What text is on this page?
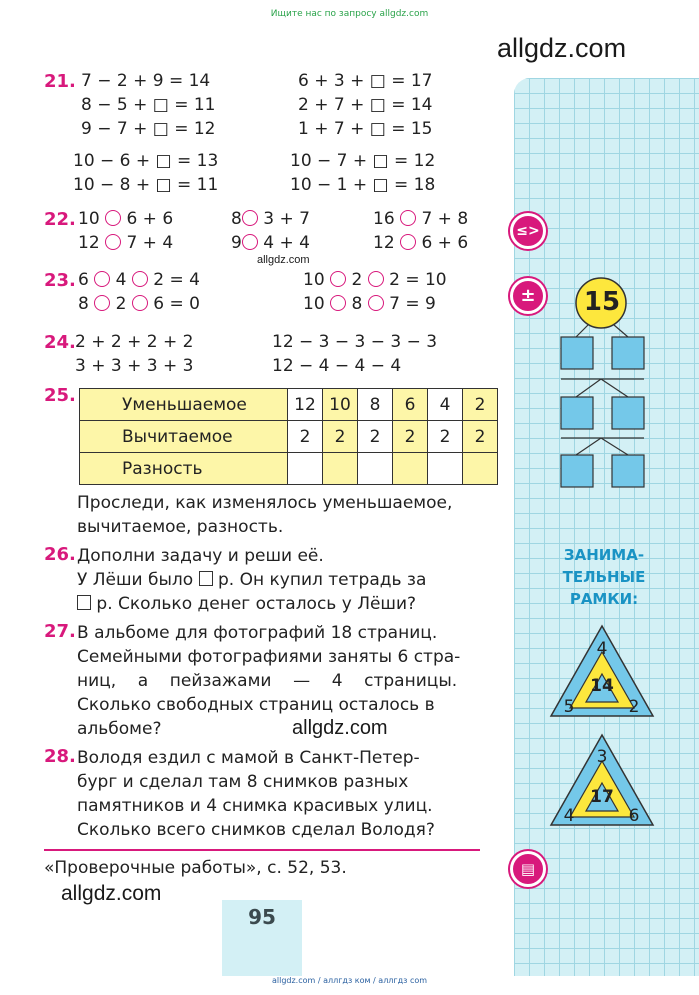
Ищите нас по запросу allgdz.com
allgdz.com
21. 7 − 2 + 9 = 14
8 − 5 + □ = 11
9 − 7 + □ = 12
10 − 6 + □ = 13
10 − 8 + □ = 11
6 + 3 + □ = 17
2 + 7 + □ = 14
1 + 7 + □ = 15
10 − 7 + □ = 12
10 − 1 + □ = 18
22. 10 6 + 6
12 7 + 4
8 3 + 7
9 4 + 4
16 7 + 8
12 6 + 6
allgdz.com
23. 6 4 2 = 4
8 2 6 = 0
10 2 2 = 10
10 8 7 = 9
24. 2 + 2 + 2 + 2
3 + 3 + 3 + 3
12 − 3 − 3 − 3 − 3
12 − 4 − 4 − 4
25.	Уменьшаемое	12	10	8	6	4	2
Вычитаемое	2	2	2	2	2	2
Разность						
Проследи, как изменялось уменьшаемое,
вычитаемое, разность.
26. Дополни задачу и реши её.
У Лёши было  р. Он купил тетрадь за
р. Сколько денег осталось у Лёши?
27. В альбоме для фотографий 18 страниц.
Семейными фотографиями заняты 6 стра-
ниц,    а    пейзажами    —    4    страницы.
Сколько свободных страниц осталось в
альбоме?	allgdz.com
28. Володя ездил с мамой в Санкт-Петер-
бург и сделал там 8 снимков разных
памятников и 4 снимка красивых улиц.
Сколько всего снимков сделал Володя?
«Проверочные работы», с. 52, 53.
allgdz.com
95
allgdz.com / аллгдз ком / аллгдз com
≤>
±
▤
15
ЗАНИМА-
ТЕЛЬНЫЕ
РАМКИ:
4
14
5	2
3
17
4	6
